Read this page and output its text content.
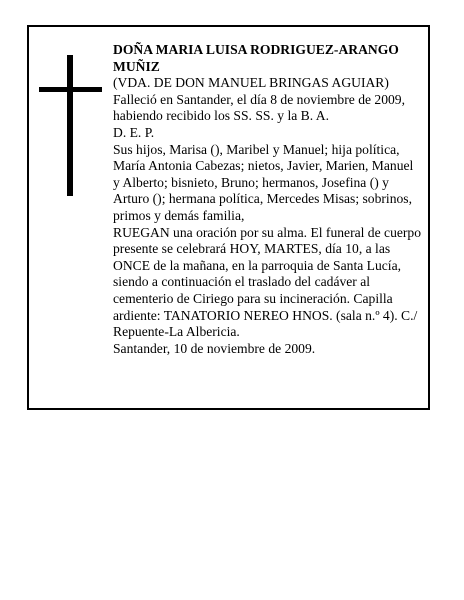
DOÑA MARIA LUISA RODRIGUEZ-ARANGO MUÑIZ

(VDA. DE DON MANUEL BRINGAS AGUIAR)

Falleció en Santander, el día 8 de noviembre de 2009, habiendo recibido los SS. SS. y la B. A.

D. E. P.

Sus hijos, Marisa (), Maribel y Manuel; hija política, María Antonia Cabezas; nietos, Javier, Marien, Manuel y Alberto; bisnieto, Bruno; hermanos, Josefina () y Arturo (); hermana política, Mercedes Misas; sobrinos, primos y demás familia,

RUEGAN una oración por su alma. El funeral de cuerpo presente se celebrará HOY, MARTES, día 10, a las ONCE de la mañana, en la parroquia de Santa Lucía, siendo a continuación el traslado del cadáver al cementerio de Ciriego para su incineración. Capilla ardiente: TANATORIO NEREO HNOS. (sala n.º 4). C./ Repuente-La Albericia.

Santander, 10 de noviembre de 2009.
